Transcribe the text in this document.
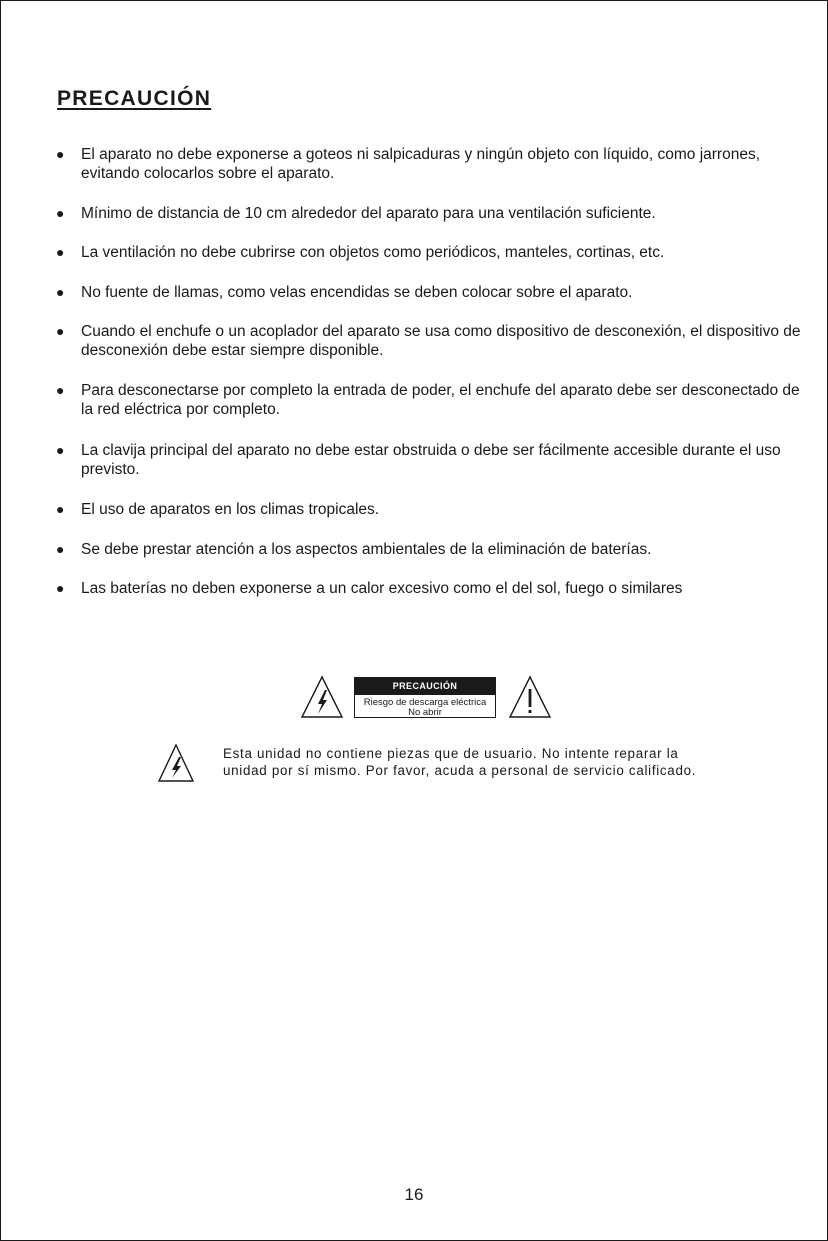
PRECAUCIÓN
● El aparato no debe exponerse a goteos ni salpicaduras y ningún objeto con líquido, como jarrones, evitando colocarlos sobre el aparato.
● Mínimo de distancia de 10 cm alrededor del aparato para una ventilación suficiente.
● La ventilación no debe cubrirse con objetos como periódicos, manteles, cortinas, etc.
● No fuente de llamas, como velas encendidas se deben colocar sobre el aparato.
● Cuando el enchufe o un acoplador del aparato se usa como dispositivo de desconexión, el dispositivo de desconexión debe estar siempre disponible.
● Para desconectarse por completo la entrada de poder, el enchufe del aparato debe ser desconectado de la red eléctrica por completo.
● La clavija principal del aparato no debe estar obstruida o debe ser fácilmente accesible durante el uso previsto.
● El uso de aparatos en los climas tropicales.
● Se debe prestar atención a los aspectos ambientales de la eliminación de baterías.
● Las baterías no deben exponerse a un calor excesivo como el del sol, fuego o similares
PRECAUCIÓN
Riesgo de descarga eléctrica
No abrir
Esta unidad no contiene piezas que de usuario. No intente reparar la
unidad por sí mismo. Por favor, acuda a personal de servicio calificado.
16
